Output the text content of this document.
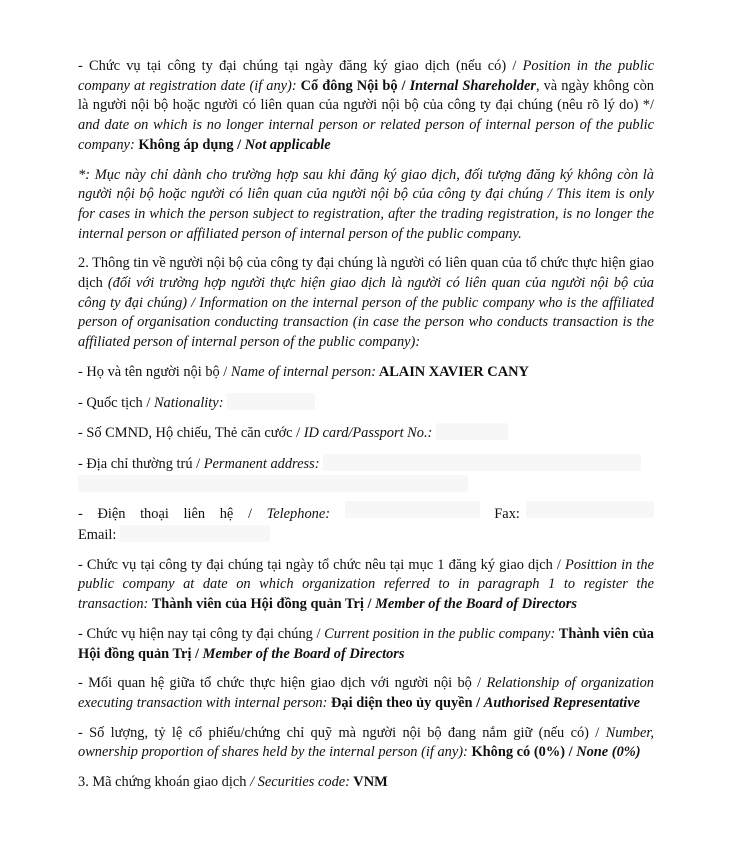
- Chức vụ tại công ty đại chúng tại ngày đăng ký giao dịch (nếu có) / Position in the public company at registration date (if any): Cổ đông Nội bộ / Internal Shareholder, và ngày không còn là người nội bộ hoặc người có liên quan của người nội bộ của công ty đại chúng (nêu rõ lý do) */ and date on which is no longer internal person or related person of internal person of the public company: Không áp dụng / Not applicable

*: Mục này chỉ dành cho trường hợp sau khi đăng ký giao dịch, đối tượng đăng ký không còn là người nội bộ hoặc người có liên quan của người nội bộ của công ty đại chúng / This item is only for cases in which the person subject to registration, after the trading registration, is no longer the internal person or affiliated person of internal person of the public company.

2. Thông tin về người nội bộ của công ty đại chúng là người có liên quan của tổ chức thực hiện giao dịch (đối với trường hợp người thực hiện giao dịch là người có liên quan của người nội bộ của công ty đại chúng) / Information on the internal person of the public company who is the affiliated person of organisation conducting transaction (in case the person who conducts transaction is the affiliated person of internal person of the public company):

- Họ và tên người nội bộ / Name of internal person: ALAIN XAVIER CANY

- Quốc tịch / Nationality:

- Số CMND, Hộ chiếu, Thẻ căn cước / ID card/Passport No.:

- Địa chỉ thường trú / Permanent address:

- Điện thoại liên hệ / Telephone:	Fax:
Email:

- Chức vụ tại công ty đại chúng tại ngày tổ chức nêu tại mục 1 đăng ký giao dịch / Posittion in the public company at date on which organization referred to in paragraph 1 to register the transaction: Thành viên của Hội đồng quản Trị / Member of the Board of Directors

- Chức vụ hiện nay tại công ty đại chúng / Current position in the public company: Thành viên của Hội đồng quản Trị / Member of the Board of Directors

- Mối quan hệ giữa tổ chức thực hiện giao dịch với người nội bộ / Relationship of organization executing transaction with internal person: Đại diện theo ủy quyền / Authorised Representative

- Số lượng, tỷ lệ cổ phiếu/chứng chỉ quỹ mà người nội bộ đang nắm giữ (nếu có) / Number, ownership proportion of shares held by the internal person (if any): Không có (0%) / None (0%)

3. Mã chứng khoán giao dịch / Securities code: VNM
